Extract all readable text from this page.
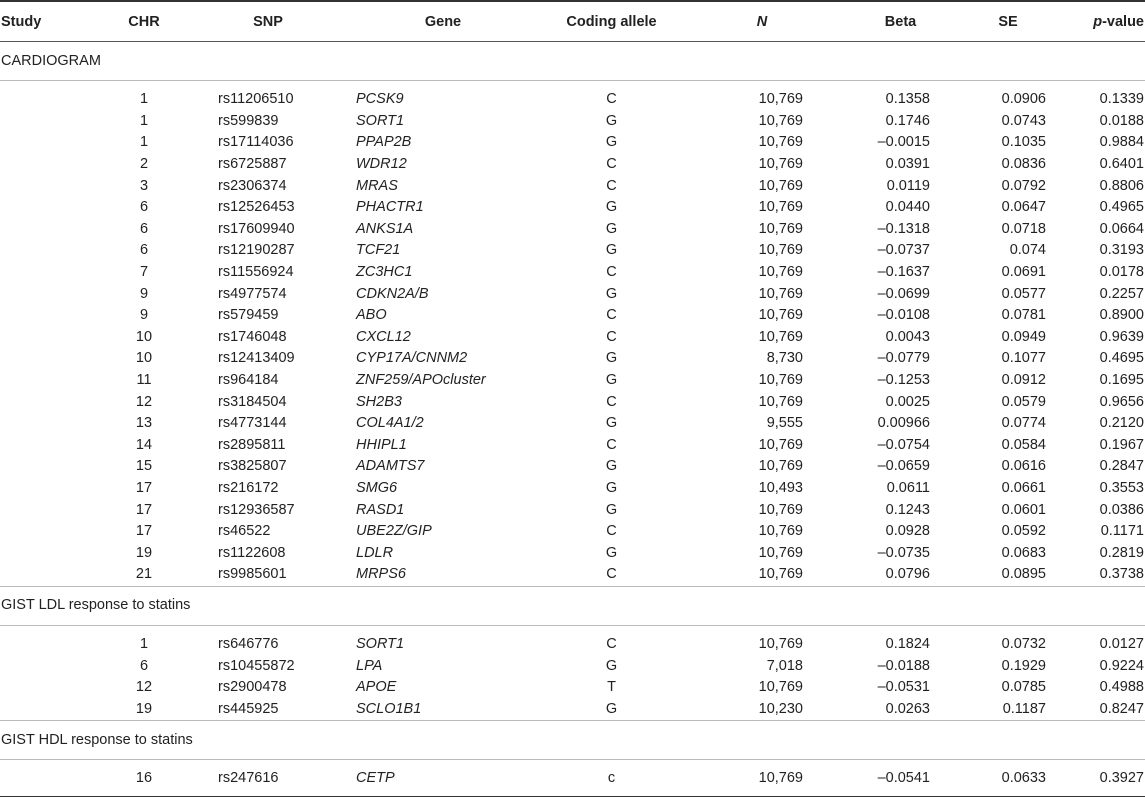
Study	CHR	SNP	Gene	Coding allele	N	Beta	SE	p-value
CARDIOGRAM								
	1	rs11206510	PCSK9	C	10,769	0.1358	0.0906	0.1339
	1	rs599839	SORT1	G	10,769	0.1746	0.0743	0.0188
	1	rs17114036	PPAP2B	G	10,769	–0.0015	0.1035	0.9884
	2	rs6725887	WDR12	C	10,769	0.0391	0.0836	0.6401
	3	rs2306374	MRAS	C	10,769	0.0119	0.0792	0.8806
	6	rs12526453	PHACTR1	G	10,769	0.0440	0.0647	0.4965
	6	rs17609940	ANKS1A	G	10,769	–0.1318	0.0718	0.0664
	6	rs12190287	TCF21	G	10,769	–0.0737	0.074	0.3193
	7	rs11556924	ZC3HC1	C	10,769	–0.1637	0.0691	0.0178
	9	rs4977574	CDKN2A/B	G	10,769	–0.0699	0.0577	0.2257
	9	rs579459	ABO	C	10,769	–0.0108	0.0781	0.8900
	10	rs1746048	CXCL12	C	10,769	0.0043	0.0949	0.9639
	10	rs12413409	CYP17A/CNNM2	G	8,730	–0.0779	0.1077	0.4695
	11	rs964184	ZNF259/APOcluster	G	10,769	–0.1253	0.0912	0.1695
	12	rs3184504	SH2B3	C	10,769	0.0025	0.0579	0.9656
	13	rs4773144	COL4A1/2	G	9,555	0.00966	0.0774	0.2120
	14	rs2895811	HHIPL1	C	10,769	–0.0754	0.0584	0.1967
	15	rs3825807	ADAMTS7	G	10,769	–0.0659	0.0616	0.2847
	17	rs216172	SMG6	G	10,493	0.0611	0.0661	0.3553
	17	rs12936587	RASD1	G	10,769	0.1243	0.0601	0.0386
	17	rs46522	UBE2Z/GIP	C	10,769	0.0928	0.0592	0.1171
	19	rs1122608	LDLR	G	10,769	–0.0735	0.0683	0.2819
	21	rs9985601	MRPS6	C	10,769	0.0796	0.0895	0.3738
GIST LDL response to statins								
	1	rs646776	SORT1	C	10,769	0.1824	0.0732	0.0127
	6	rs10455872	LPA	G	7,018	–0.0188	0.1929	0.9224
	12	rs2900478	APOE	T	10,769	–0.0531	0.0785	0.4988
	19	rs445925	SCLO1B1	G	10,230	0.0263	0.1187	0.8247
GIST HDL response to statins								
	16	rs247616	CETP	c	10,769	–0.0541	0.0633	0.3927
